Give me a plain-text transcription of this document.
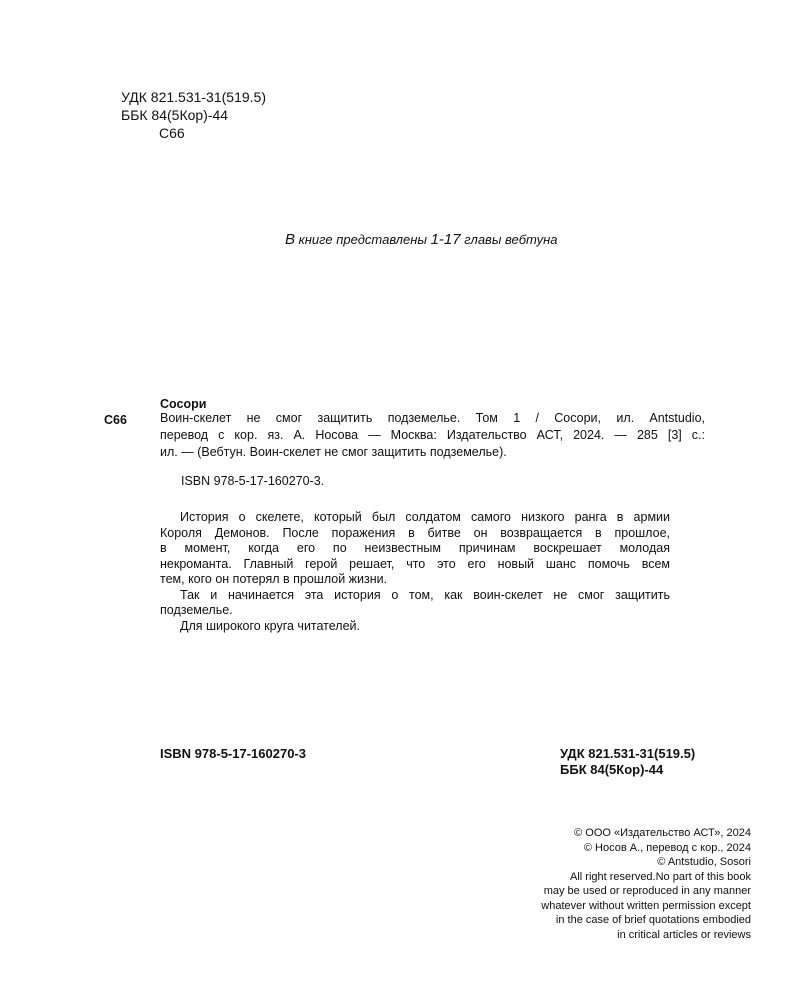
УДК 821.531-31(519.5)
ББК 84(5Кор)-44
С66
В книге представлены 1-17 главы вебтуна
Сосори
С66	Воин-скелет не смог защитить подземелье. Том 1 / Сосори, ил. Antstudio,
перевод с кор. яз. А. Носова — Москва: Издательство АСТ, 2024. — 285 [3] с.:
ил. — (Вебтун. Воин-скелет не смог защитить подземелье).
ISBN 978-5-17-160270-3.
История о скелете, который был солдатом самого низкого ранга в армии
Короля Демонов. После поражения в битве он возвращается в прошлое,
в момент, когда его по неизвестным причинам воскрешает молодая
некроманта. Главный герой решает, что это его новый шанс помочь всем
тем, кого он потерял в прошлой жизни.
Так и начинается эта история о том, как воин-скелет не смог защитить
подземелье.
Для широкого круга читателей.
ISBN 978-5-17-160270-3	УДК 821.531-31(519.5)
ББК 84(5Кор)-44
© ООО «Издательство АСТ», 2024
© Носов А., перевод с кор., 2024
© Antstudio, Sosori
All right reserved.No part of this book
may be used or reproduced in any manner
whatever without written permission except
in the case of brief quotations embodied
in critical articles or reviews
